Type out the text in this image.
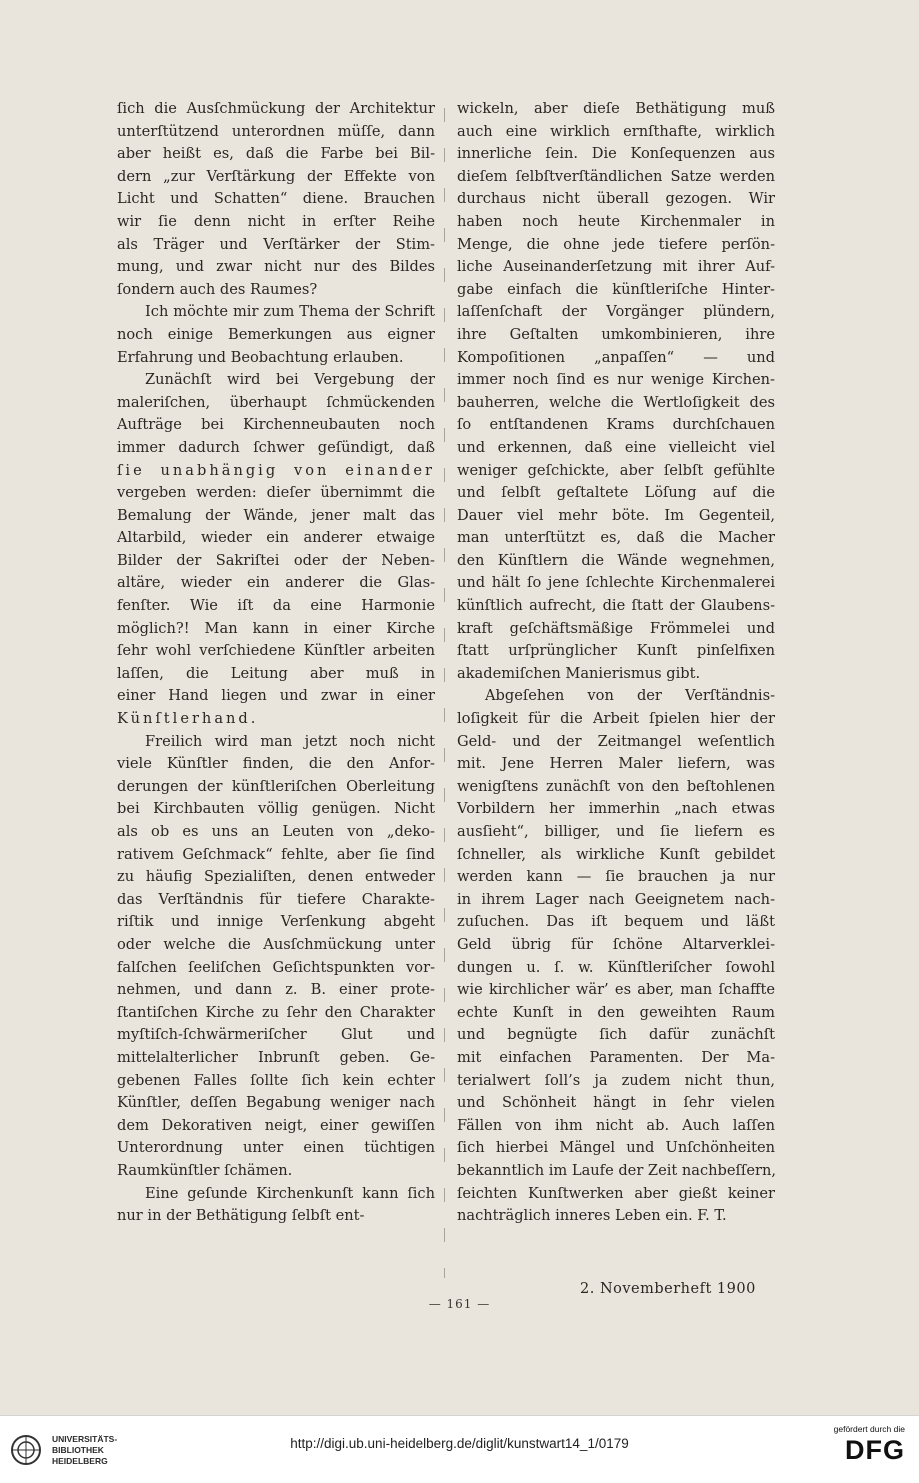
ſich die Ausſchmückung der Architektur
unterſtützend unterordnen müſſe, dann
aber heißt es, daß die Farbe bei Bil-
dern „zur Verſtärkung der Effekte von
Licht und Schatten“ diene. Brauchen
wir ſie denn nicht in erſter Reihe
als Träger und Verſtärker der Stim-
mung, und zwar nicht nur des Bildes
ſondern auch des Raumes?
Ich möchte mir zum Thema der Schrift
noch einige Bemerkungen aus eigner
Erfahrung und Beobachtung erlauben.
Zunächſt wird bei Vergebung der
maleriſchen, überhaupt ſchmückenden
Aufträge bei Kirchenneubauten noch
immer dadurch ſchwer geſündigt, daß
ſie unabhängig von einander
vergeben werden: dieſer übernimmt die
Bemalung der Wände, jener malt das
Altarbild, wieder ein anderer etwaige
Bilder der Sakriſtei oder der Neben-
altäre, wieder ein anderer die Glas-
fenſter. Wie iſt da eine Harmonie
möglich?! Man kann in einer Kirche
ſehr wohl verſchiedene Künſtler arbeiten
laſſen, die Leitung aber muß in
einer Hand liegen und zwar in einer
Künſtlerhand.
Freilich wird man jetzt noch nicht
viele Künſtler finden, die den Anfor-
derungen der künſtleriſchen Oberleitung
bei Kirchbauten völlig genügen. Nicht
als ob es uns an Leuten von „deko-
rativem Geſchmack“ fehlte, aber ſie ſind
zu häufig Spezialiſten, denen entweder
das Verſtändnis für tiefere Charakte-
riſtik und innige Verſenkung abgeht
oder welche die Ausſchmückung unter
falſchen ſeeliſchen Geſichtspunkten vor-
nehmen, und dann z. B. einer prote-
ſtantiſchen Kirche zu ſehr den Charakter
myſtiſch-ſchwärmeriſcher Glut und
mittelalterlicher Inbrunſt geben. Ge-
gebenen Falles ſollte ſich kein echter
Künſtler, deſſen Begabung weniger nach
dem Dekorativen neigt, einer gewiſſen
Unterordnung unter einen tüchtigen
Raumkünſtler ſchämen.
Eine geſunde Kirchenkunſt kann ſich
nur in der Bethätigung ſelbſt ent-
wickeln, aber dieſe Bethätigung muß
auch eine wirklich ernſthafte, wirklich
innerliche ſein. Die Konſequenzen aus
dieſem ſelbſtverſtändlichen Satze werden
durchaus nicht überall gezogen. Wir
haben noch heute Kirchenmaler in
Menge, die ohne jede tiefere perſön-
liche Auseinanderſetzung mit ihrer Auf-
gabe einfach die künſtleriſche Hinter-
laſſenſchaft der Vorgänger plündern,
ihre Geſtalten umkombinieren, ihre
Kompoſitionen „anpaſſen“ — und
immer noch ſind es nur wenige Kirchen-
bauherren, welche die Wertloſigkeit des
ſo entſtandenen Krams durchſchauen
und erkennen, daß eine vielleicht viel
weniger geſchickte, aber ſelbſt gefühlte
und ſelbſt geſtaltete Löſung auf die
Dauer viel mehr böte. Im Gegenteil,
man unterſtützt es, daß die Macher
den Künſtlern die Wände wegnehmen,
und hält ſo jene ſchlechte Kirchenmalerei
künſtlich aufrecht, die ſtatt der Glaubens-
kraft geſchäftsmäßige Frömmelei und
ſtatt urſprünglicher Kunſt pinſelfixen
akademiſchen Manierismus gibt.
Abgeſehen von der Verſtändnis-
loſigkeit für die Arbeit ſpielen hier der
Geld- und der Zeitmangel weſentlich
mit. Jene Herren Maler liefern, was
wenigſtens zunächſt von den beſtohlenen
Vorbildern her immerhin „nach etwas
ausſieht“, billiger, und ſie liefern es
ſchneller, als wirkliche Kunſt gebildet
werden kann — ſie brauchen ja nur
in ihrem Lager nach Geeignetem nach-
zuſuchen. Das iſt bequem und läßt
Geld übrig für ſchöne Altarverklei-
dungen u. ſ. w. Künſtleriſcher ſowohl
wie kirchlicher wär’ es aber, man ſchaffte
echte Kunſt in den geweihten Raum
und begnügte ſich dafür zunächſt
mit einfachen Paramenten. Der Ma-
terialwert ſoll’s ja zudem nicht thun,
und Schönheit hängt in ſehr vielen
Fällen von ihm nicht ab. Auch laſſen
ſich hierbei Mängel und Unſchönheiten
bekanntlich im Laufe der Zeit nachbeſſern,
ſeichten Kunſtwerken aber gießt keiner
nachträglich inneres Leben ein. F. T.
2. Novemberheft 1900
— 161 —
UNIVERSITÄTS-
BIBLIOTHEK
HEIDELBERG
http://digi.ub.uni-heidelberg.de/diglit/kunstwart14_1/0179
gefördert durch die
DFG
